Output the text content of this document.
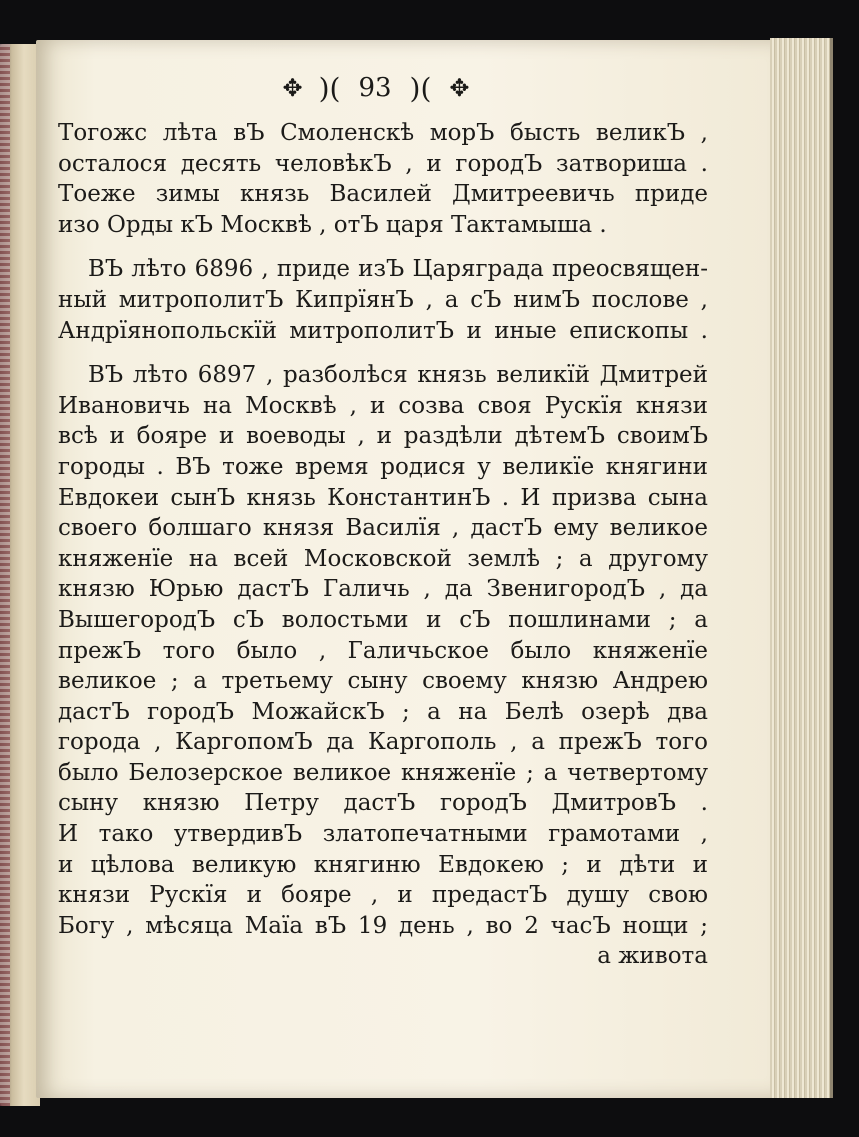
✥ )( 93 )( ✥
Тогожс лѣта вЪ Смоленскѣ морЪ бысть великЪ ,
осталося десять человѣкЪ , и городЪ затвориша .
Тоеже зимы князь Василей Дмитреевичь приде
изо Орды кЪ Москвѣ , отЪ царя Тактамыша .
ВЪ лѣто 6896 , приде изЪ Царяграда преосвящен-
ный митрополитЪ КипрїянЪ , а сЪ нимЪ послове ,
Андрїянопольскїй митрополитЪ и иные епископы .
ВЪ лѣто 6897 , разболѣся князь великїй Дмитрей
Ивановичь на Москвѣ , и созва своя Рускїя князи
всѣ и бояре и воеводы , и раздѣли дѣтемЪ своимЪ
городы . ВЪ тоже время родися у великїе княгини
Евдокеи сынЪ князь КонстантинЪ . И призва сына
своего болшаго князя Василїя , дастЪ ему великое
княженїе на всей Московской землѣ ; а другому
князю Юрью дастЪ Галичь , да ЗвенигородЪ , да
ВышегородЪ сЪ волостьми и сЪ пошлинами ; а
прежЪ того было , Галичьское было княженїе
великое ; а третьему сыну своему князю Андрею
дастЪ городЪ МожайскЪ ; а на Белѣ озерѣ два
города , КаргопомЪ да Каргополь , а прежЪ того
было Белозерское великое княженїе ; а четвертому
сыну князю Петру дастЪ городЪ ДмитровЪ .
И тако утвердивЪ златопечатными грамотами ,
и цѣлова великую княгиню Евдокею ; и дѣти и
князи Рускїя и бояре , и предастЪ душу свою
Богу , мѣсяца Маїа вЪ 19 день , во 2 часЪ нощи ;
а живота
